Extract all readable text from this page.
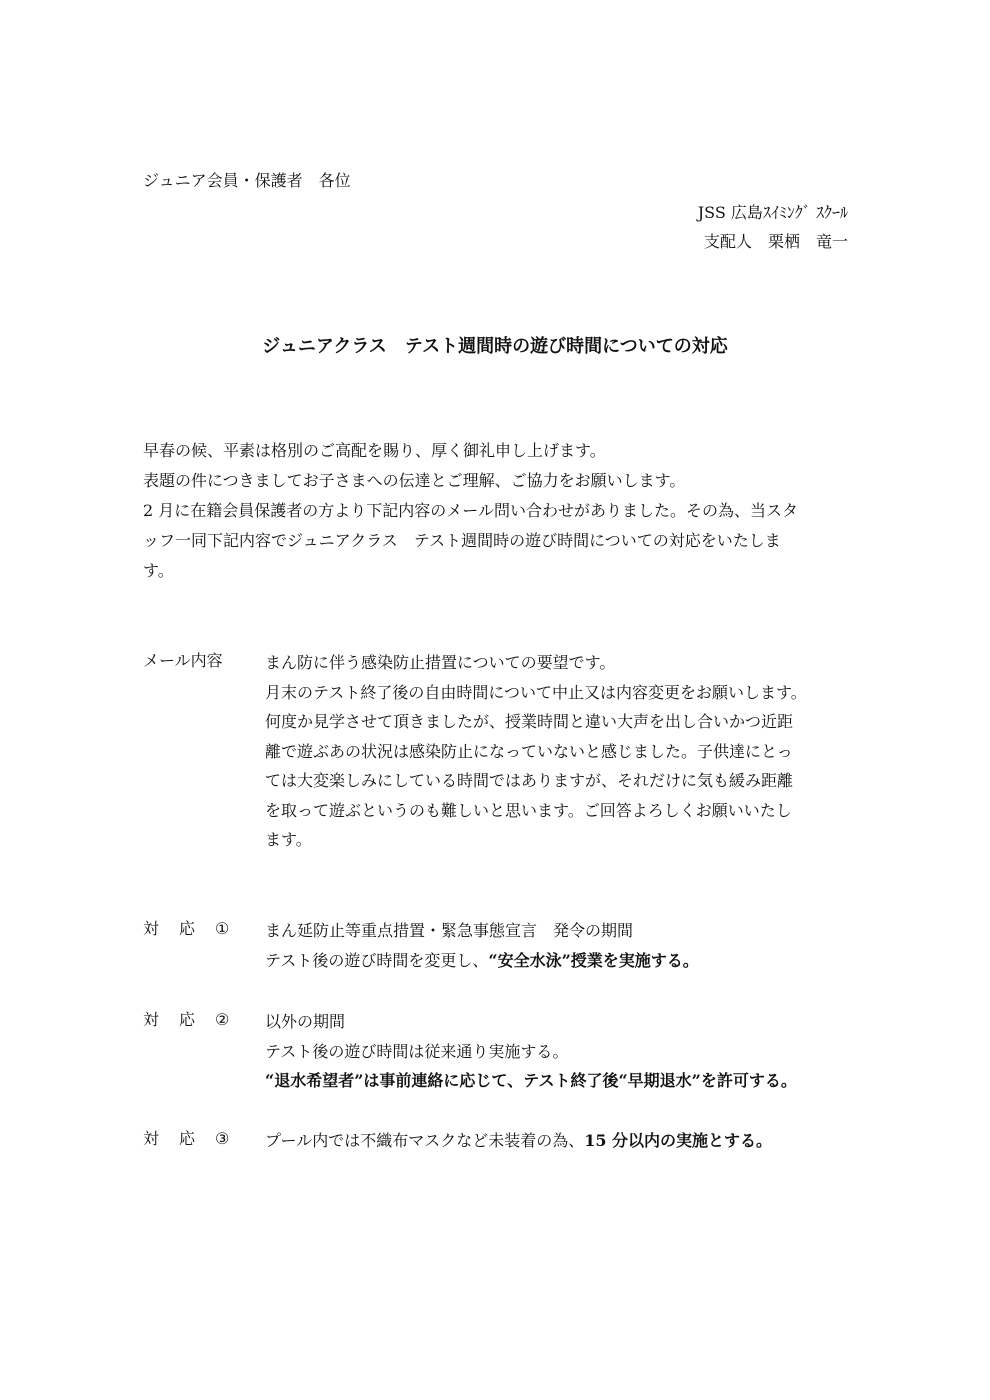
ジュニア会員・保護者　各位
JSS 広島ｽｲﾐﾝｸﾞ ｽｸｰﾙ
支配人　栗栖　竜一
ジュニアクラス　テスト週間時の遊び時間についての対応

早春の候、平素は格別のご高配を賜り、厚く御礼申し上げます。

表題の件につきましてお子さまへの伝達とご理解、ご協力をお願いします。

2 月に在籍会員保護者の方より下記内容のメール問い合わせがありました。その為、当スタ

ッフ一同下記内容でジュニアクラス　テスト週間時の遊び時間についての対応をいたしま

す。

メール内容	まん防に伴う感染防止措置についての要望です。

月末のテスト終了後の自由時間について中止又は内容変更をお願いします。

何度か見学させて頂きましたが、授業時間と違い大声を出し合いかつ近距

離で遊ぶあの状況は感染防止になっていないと感じました。子供達にとっ

ては大変楽しみにしている時間ではありますが、それだけに気も緩み距離

を取って遊ぶというのも難しいと思います。ご回答よろしくお願いいたし

ます。

対 応 ①	まん延防止等重点措置・緊急事態宣言　発令の期間

テスト後の遊び時間を変更し、“安全水泳”授業を実施する。

対 応 ②	以外の期間

テスト後の遊び時間は従来通り実施する。

“退水希望者”は事前連絡に応じて、テスト終了後“早期退水”を許可する。

対 応 ③	プール内では不織布マスクなど未装着の為、15 分以内の実施とする。
